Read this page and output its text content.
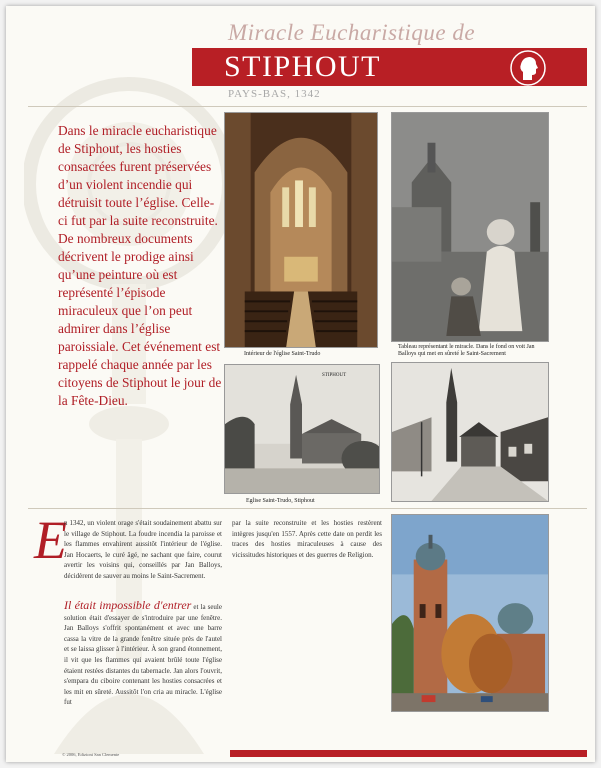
Miracle Eucharistique de
STIPHOUT
PAYS-BAS, 1342
Dans le miracle eucharistique de Stiphout, les hosties consacrées furent préservées d’un violent incendie qui détruisit toute l’église. Celle-ci fut par la suite reconstruite. De nombreux documents décrivent le prodige ainsi qu’une peinture où est représenté l’épisode miraculeux que l’on peut admirer dans l’église paroissiale. Cet événement est rappelé chaque année par les citoyens de Stiphout le jour de la Fête-Dieu.
Intérieur de l'église Saint-Trudo
Tableau représentant le miracle. Dans le fond on voit Jan Balloys qui met en sûreté le Saint-Sacrement
STIPHOUT
Eglise Saint-Trudo, Stiphout
E
n 1342, un violent orage s'était soudainement abattu sur le village de Stiphout. La foudre incendia la paroisse et les flammes envahirent aussitôt l'intérieur de l'église. Jan Hocaerts, le curé âgé, ne sachant que faire, courut avertir les voisins qui, conseillés par Jan Balloys, décidèrent de sauver au moins le Saint-Sacrement.
Il était impossible d'entrer et la seule solution était d'essayer de s'introduire par une fenêtre. Jan Balloys s'offrit spontanément et avec une barre cassa la vitre de la grande fenêtre située près de l'autel et se laissa glisser à l'intérieur. À son grand étonnement, il vit que les flammes qui avaient brûlé toute l'église étaient restées distantes du tabernacle. Jan alors l'ouvrit, s'empara du ciboire contenant les hosties consacrées et les mit en sûreté. Aussitôt l'on cria au miracle. L'église fut
par la suite reconstruite et les hosties restèrent intègres jusqu'en 1557. Après cette date on perdit les traces des hosties miraculeuses à cause des vicissitudes historiques et des guerres de Religion.
© 2006, Edizioni San Clemente
